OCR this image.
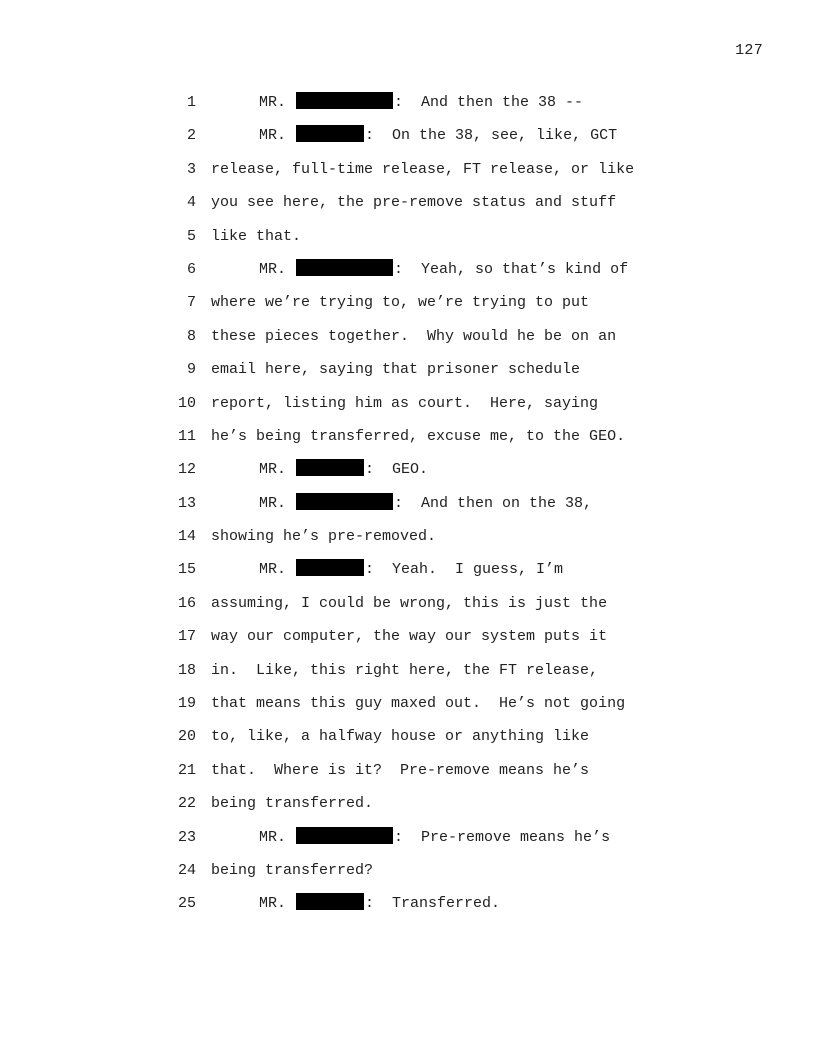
127
1	MR.	:  And then the 38 --
2	MR.	:  On the 38, see, like, GCT
3 release, full-time release, FT release, or like
4 you see here, the pre-remove status and stuff
5 like that.
6	MR.	:  Yeah, so that’s kind of
7 where we’re trying to, we’re trying to put
8 these pieces together.  Why would he be on an
9 email here, saying that prisoner schedule
10 report, listing him as court.  Here, saying
11 he’s being transferred, excuse me, to the GEO.
12	MR.	:  GEO.
13	MR.	:  And then on the 38,
14 showing he’s pre-removed.
15	MR.	:  Yeah.  I guess, I’m
16 assuming, I could be wrong, this is just the
17 way our computer, the way our system puts it
18 in.  Like, this right here, the FT release,
19 that means this guy maxed out.  He’s not going
20 to, like, a halfway house or anything like
21 that.  Where is it?  Pre-remove means he’s
22 being transferred.
23	MR.	:  Pre-remove means he’s
24 being transferred?
25	MR.	:  Transferred.
